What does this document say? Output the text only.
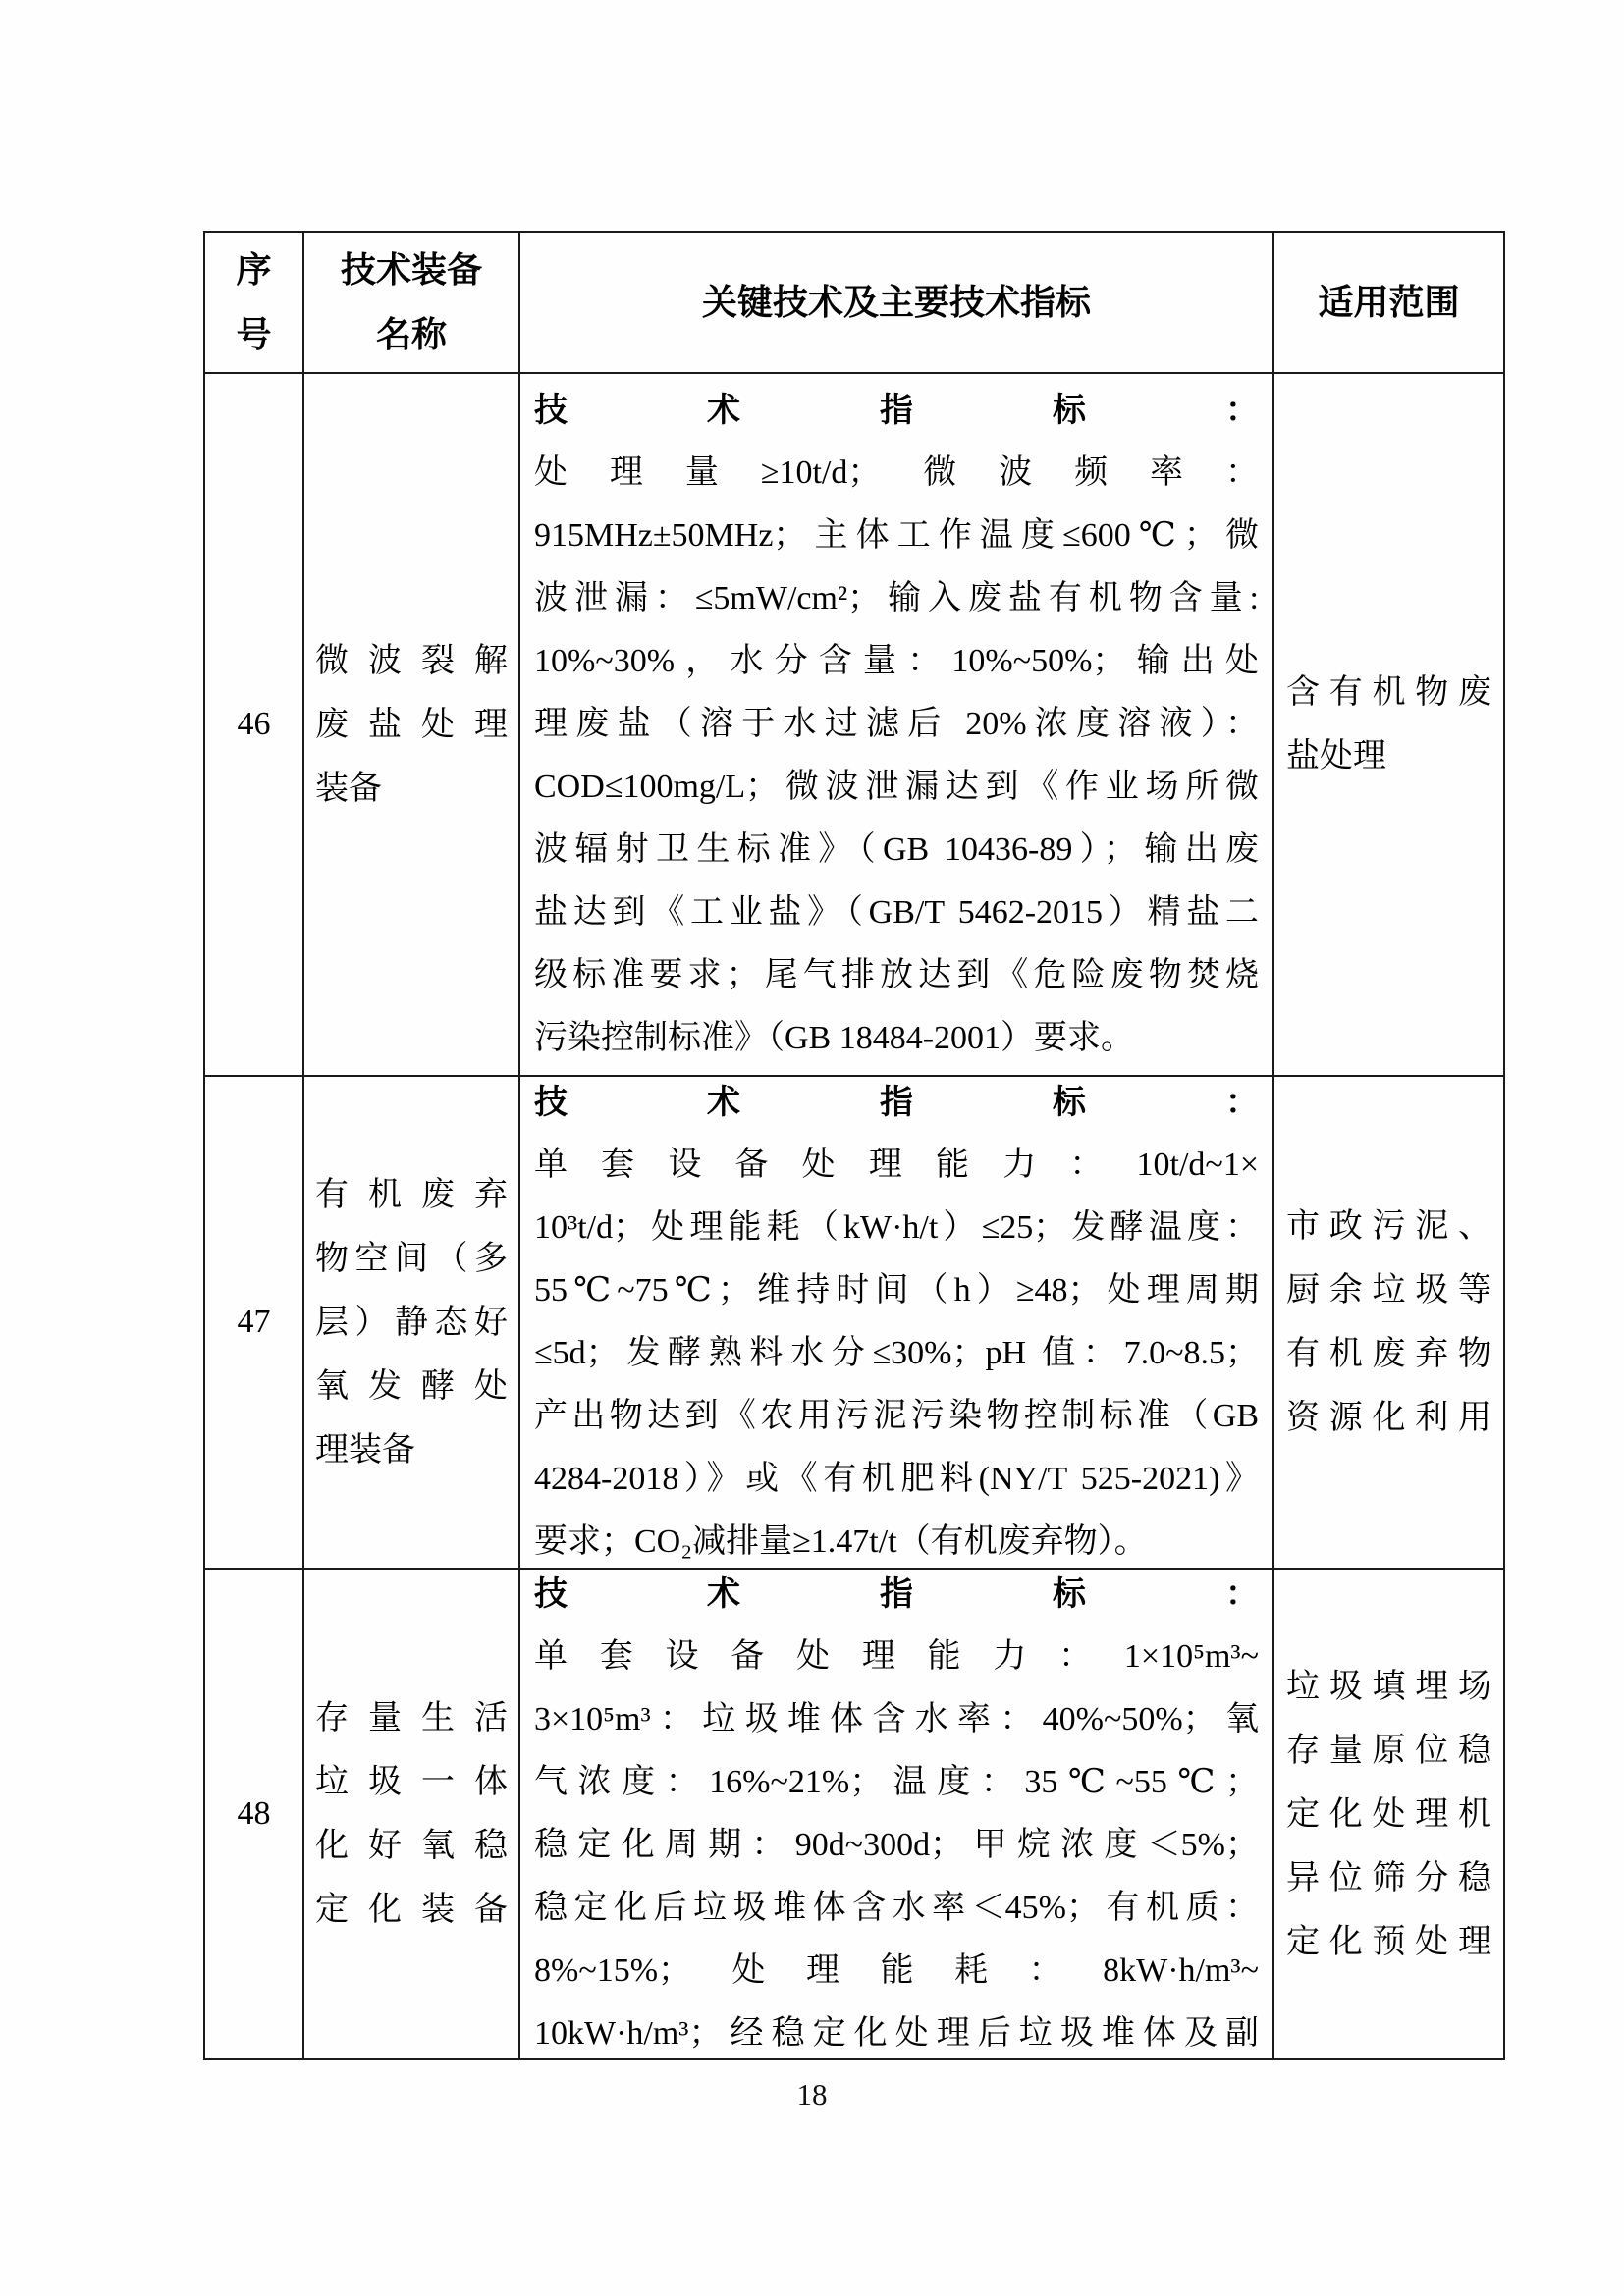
序
号
技术装备
名称
关键技术及主要技术指标	适用范围
46
微波裂解
废盐处理
装备
技术指标：
处理量≥10t/d；微波频率：
915MHz±50MHz；主体工作温度≤600℃；微
波泄漏：≤5mW/cm²；输入废盐有机物含量:
10%~30%，水分含量：10%~50%；输出处
理废盐（溶于水过滤后 20%浓度溶液）：
COD≤100mg/L；微波泄漏达到《作业场所微
波辐射卫生标准》（GB 10436-89）；输出废
盐达到《工业盐》（GB/T 5462-2015）精盐二
级标准要求；尾气排放达到《危险废物焚烧
污染控制标准》（GB 18484-2001）要求。
含有机物废
盐处理
47
有机废弃
物空间（多
层）静态好
氧发酵处
理装备
技术指标：
单套设备处理能力：10t/d~1×
10³t/d；处理能耗（kW·h/t）≤25；发酵温度：
55℃~75℃；维持时间（h）≥48；处理周期
≤5d；发酵熟料水分≤30%；pH 值：7.0~8.5；
产出物达到《农用污泥污染物控制标准（GB
4284-2018）》或《有机肥料(NY/T 525-2021)》
要求；CO₂减排量≥1.47t/t（有机废弃物）。
市政污泥、
厨余垃圾等
有机废弃物
资源化利用
48
存量生活
垃圾一体
化好氧稳
定化装备
技术指标：
单套设备处理能力：1×10⁵m³~
3×10⁵m³：垃圾堆体含水率：40%~50%；氧
气浓度：16%~21%；温度：35℃~55℃；
稳定化周期：90d~300d；甲烷浓度＜5%；
稳定化后垃圾堆体含水率＜45%；有机质：
8%~15%；处理能耗：8kW·h/m³~
10kW·h/m³；经稳定化处理后垃圾堆体及副
垃圾填埋场
存量原位稳
定化处理机
异位筛分稳
定化预处理
18
